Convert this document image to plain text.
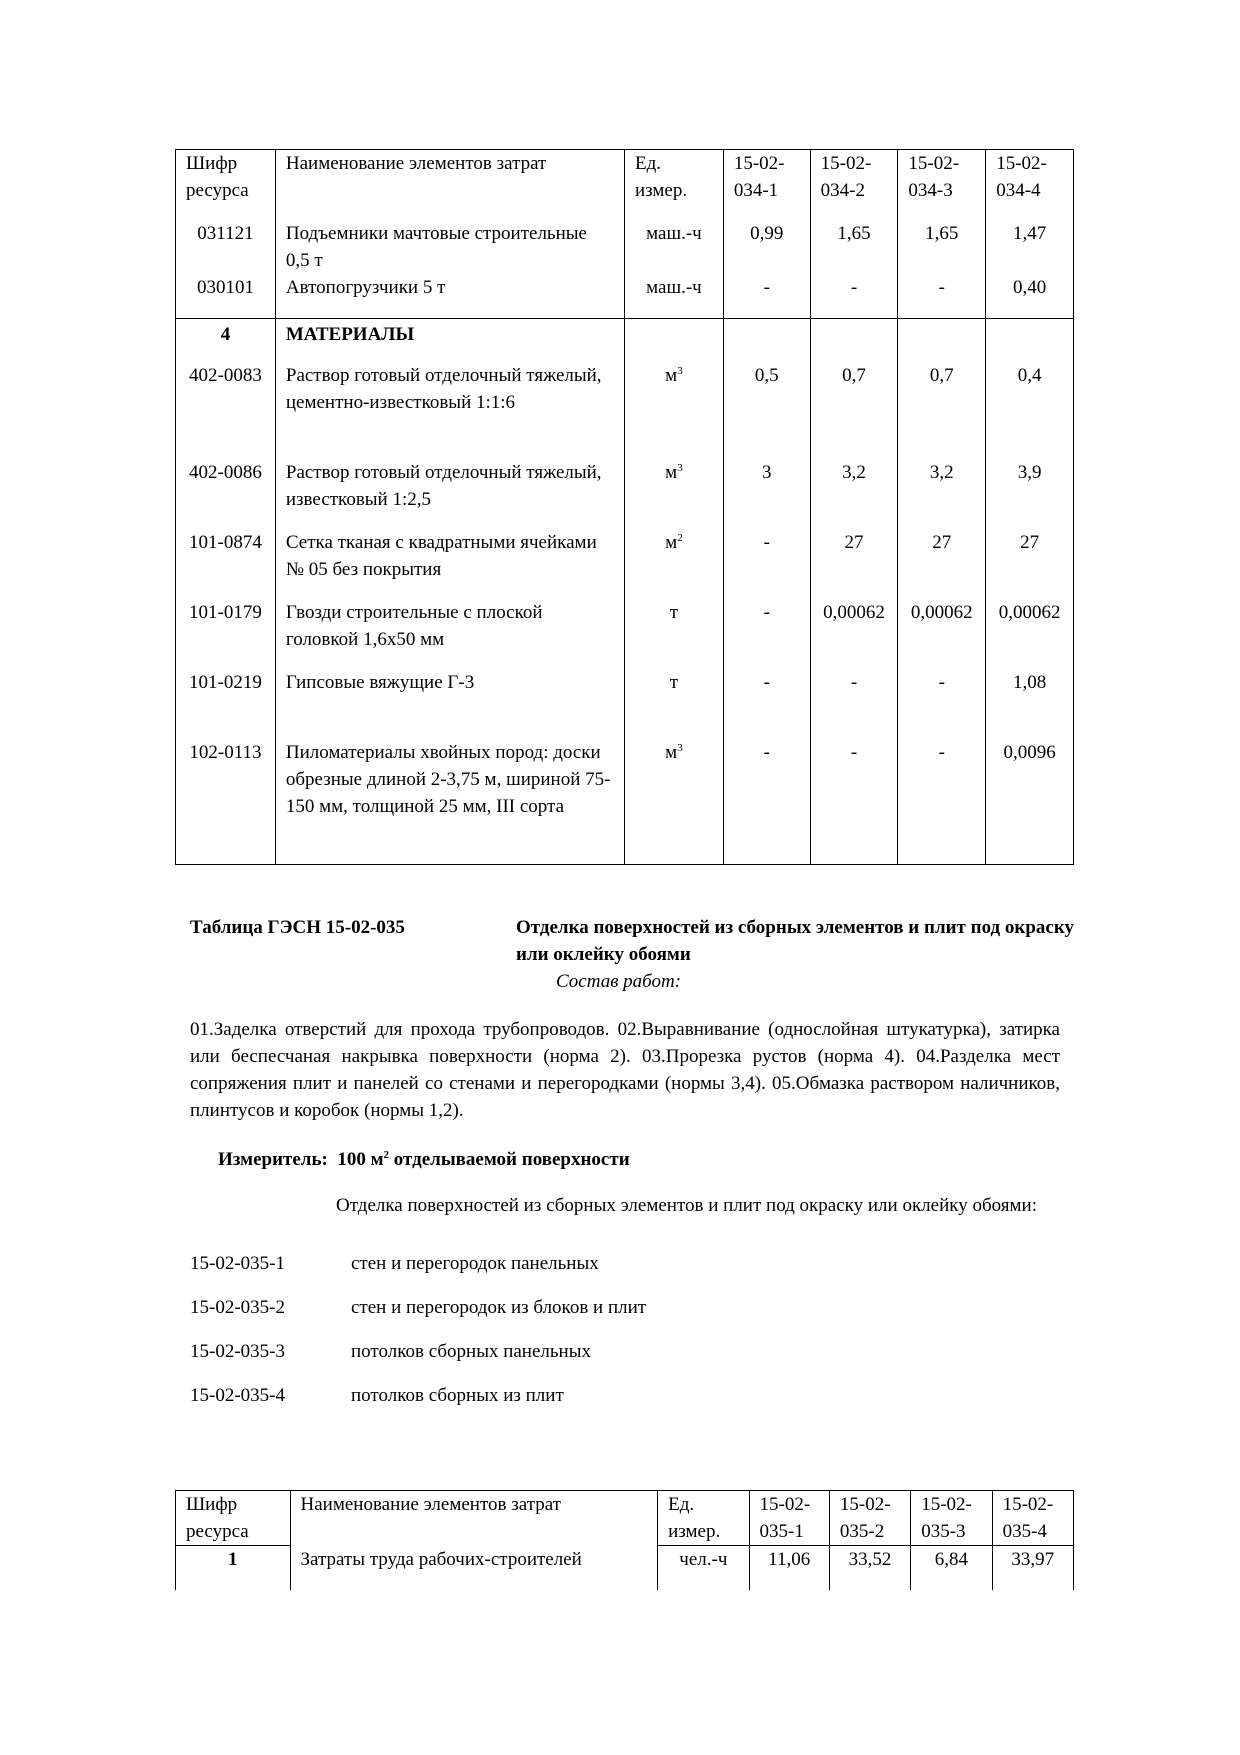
Шифр ресурса	Наименование элементов затрат	Ед. измер.	15-02-034-1	15-02-034-2	15-02-034-3	15-02-034-4
031121	Подъемники мачтовые строительные 0,5 т	маш.-ч	0,99	1,65	1,65	1,47
030101	Автопогрузчики 5 т	маш.-ч	-	-	-	0,40
4	МАТЕРИАЛЫ					
402-0083	Раствор готовый отделочный тяжелый, цементно-известковый 1:1:6	$м^3$	0,5	0,7	0,7	0,4
402-0086	Раствор готовый отделочный тяжелый, известковый 1:2,5	$м^3$	3	3,2	3,2	3,9
101-0874	Сетка тканая с квадратными ячейками № 05 без покрытия	$м^2$	-	27	27	27
101-0179	Гвозди строительные с плоской головкой 1,6х50 мм	т	-	0,00062	0,00062	0,00062
101-0219	Гипсовые вяжущие Г-3	т	-	-	-	1,08
102-0113	Пиломатериалы хвойных пород: доски обрезные длиной 2-3,75 м, шириной 75-150 мм, толщиной 25 мм, III сорта	$м^3$	-	-	-	0,0096
Таблица ГЭСН 15-02-035	Отделка поверхностей из сборных элементов и плит под окраску или оклейку обоями
Состав работ:
01.Заделка отверстий для прохода трубопроводов. 02.Выравнивание (однослойная штукатурка), затирка или беспесчаная накрывка поверхности (норма 2). 03.Прорезка рустов (норма 4). 04.Разделка мест сопряжения плит и панелей со стенами и перегородками (нормы 3,4). 05.Обмазка раствором наличников, плинтусов и коробок (нормы 1,2).
Измеритель: 100 $м^2$ отделываемой поверхности
Отделка поверхностей из сборных элементов и плит под окраску или оклейку обоями:
15-02-035-1	стен и перегородок панельных
15-02-035-2	стен и перегородок из блоков и плит
15-02-035-3	потолков сборных панельных
15-02-035-4	потолков сборных из плит
Шифр ресурса	Наименование элементов затрат	Ед. измер.	15-02-035-1	15-02-035-2	15-02-035-3	15-02-035-4
1	Затраты труда рабочих-строителей	чел.-ч	11,06	33,52	6,84	33,97
